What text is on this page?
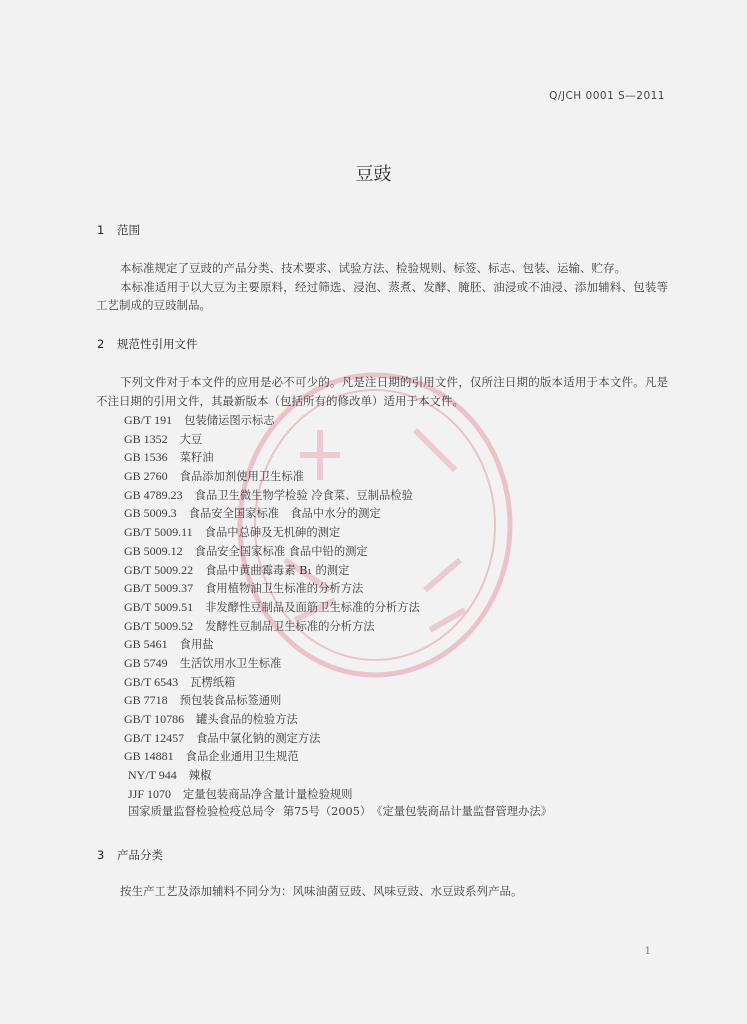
Q/JCH 0001 S—2011
豆豉
1 范围

本标准规定了豆豉的产品分类、技术要求、试验方法、检验规则、标签、标志、包装、运输、贮存。

本标准适用于以大豆为主要原料，经过筛选、浸泡、蒸煮、发酵、腌胚、油浸或不油浸、添加辅料、包装等工艺制成的豆豉制品。

2 规范性引用文件

下列文件对于本文件的应用是必不可少的。凡是注日期的引用文件，仅所注日期的版本适用于本文件。凡是不注日期的引用文件，其最新版本（包括所有的修改单）适用于本文件。

GB/T 191 包装储运图示标志
GB 1352 大豆
GB 1536 菜籽油
GB 2760 食品添加剂使用卫生标准
GB 4789.23 食品卫生微生物学检验 冷食菜、豆制品检验
GB 5009.3 食品安全国家标准　食品中水分的测定
GB/T 5009.11 食品中总砷及无机砷的测定
GB 5009.12 食品安全国家标准 食品中铅的测定
GB/T 5009.22 食品中黄曲霉毒素 B₁ 的测定
GB/T 5009.37 食用植物油卫生标准的分析方法
GB/T 5009.51 非发酵性豆制品及面筋卫生标准的分析方法
GB/T 5009.52 发酵性豆制品卫生标准的分析方法
GB 5461 食用盐
GB 5749 生活饮用水卫生标准
GB/T 6543 瓦楞纸箱
GB 7718 预包装食品标签通则
GB/T 10786 罐头食品的检验方法
GB/T 12457 食品中氯化钠的测定方法
GB 14881 食品企业通用卫生规范
NY/T 944 辣椒
JJF 1070 定量包装商品净含量计量检验规则
国家质量监督检验检疫总局令 第75号（2005）　《定量包装商品计量监督管理办法》
3 产品分类

按生产工艺及添加辅料不同分为：风味油菌豆豉、风味豆豉、水豆豉系列产品。

1
